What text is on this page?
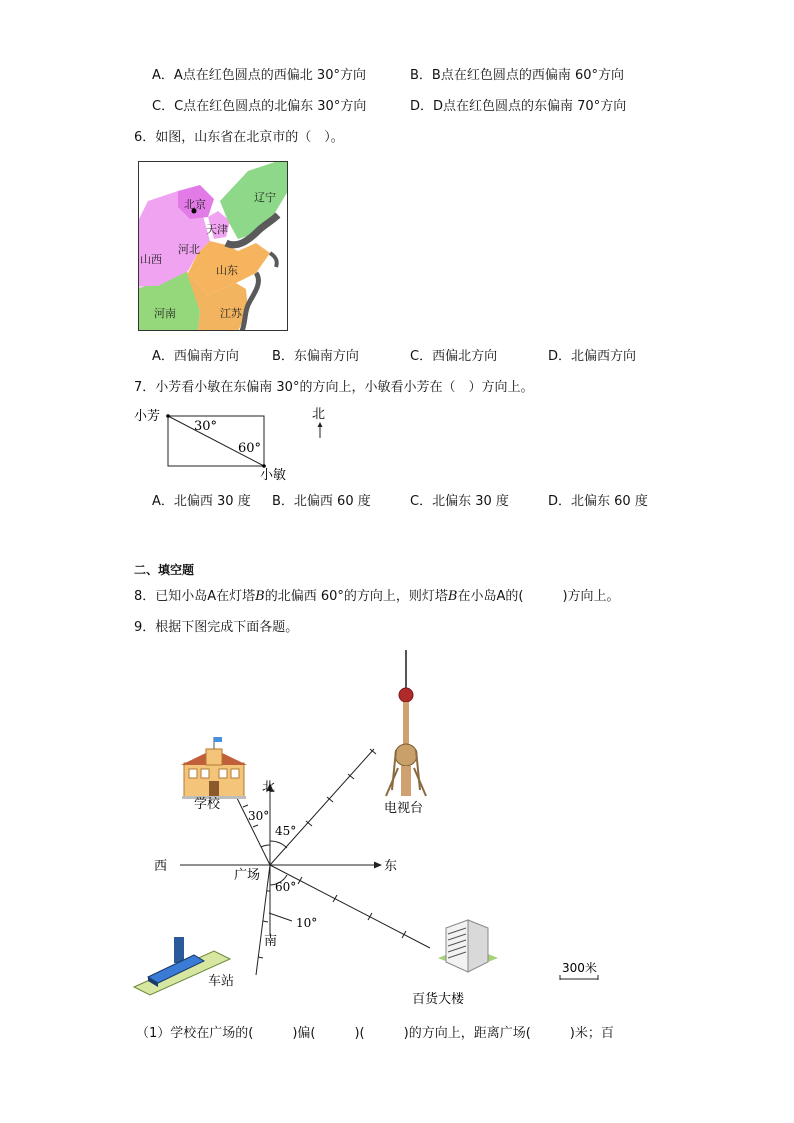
A．A点在红色圆点的西偏北 30°方向	B．B点在红色圆点的西偏南 60°方向
C．C点在红色圆点的北偏东 30°方向	D．D点在红色圆点的东偏南 70°方向
6．如图，山东省在北京市的（　）。
北京
天津
辽宁
河北
山西
山东
河南	江苏
A．西偏南方向	B．东偏南方向	C．西偏北方向	D．北偏西方向
7．小芳看小敏在东偏南 30°的方向上，小敏看小芳在（　）方向上。
小芳
小敏
30°
60°
北
A．北偏西 30 度 B．北偏西 60 度	C．北偏东 30 度	D．北偏东 60 度
二、填空题
8．已知小岛A在灯塔B的北偏西 60°的方向上，则灯塔B在小岛A的(　　　)方向上。
9．根据下图完成下面各题。
北
南
东
西
广场
30°
45°
60°
10°
学校	电视台
车站
百货大楼
300米
（1）学校在广场的(　　　)偏(　　　)(　　　)的方向上，距离广场(　　　)米；百
